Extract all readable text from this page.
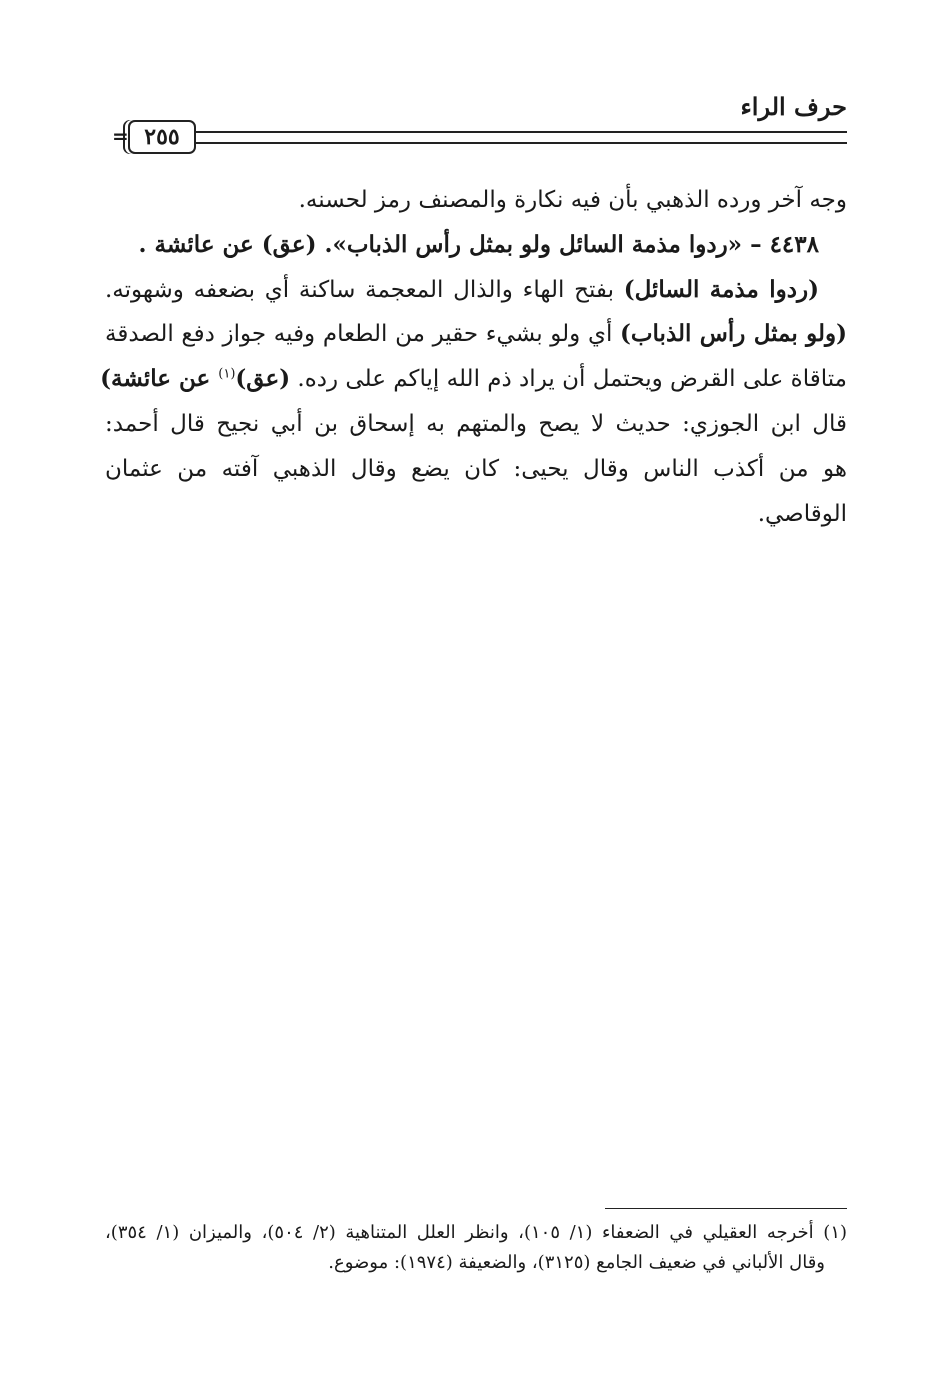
حرف الراء
٢٥٥
=
وجه آخر ورده الذهبي بأن فيه نكارة والمصنف رمز لحسنه.
٤٤٣٨ – «ردوا مذمة السائل ولو بمثل رأس الذباب». (عق) عن عائشة .
(ردوا مذمة السائل) بفتح الهاء والذال المعجمة ساكنة أي بضعفه وشهوته.
(ولو بمثل رأس الذباب) أي ولو بشيء حقير من الطعام وفيه جواز دفع الصدقة
متاقاة على القرض ويحتمل أن يراد ذم الله إياكم على رده. (عق)$^{(١)}$ عن عائشة)
قال ابن الجوزي: حديث لا يصح والمتهم به إسحاق بن أبي نجيح قال أحمد:
هو من أكذب الناس وقال يحيى: كان يضع وقال الذهبي آفته من عثمان
الوقاصي.
(١) أخرجه العقيلي في الضعفاء (١/ ١٠٥)، وانظر العلل المتناهية (٢/ ٥٠٤)، والميزان (١/ ٣٥٤)،
وقال الألباني في ضعيف الجامع (٣١٢٥)، والضعيفة (١٩٧٤): موضوع.
